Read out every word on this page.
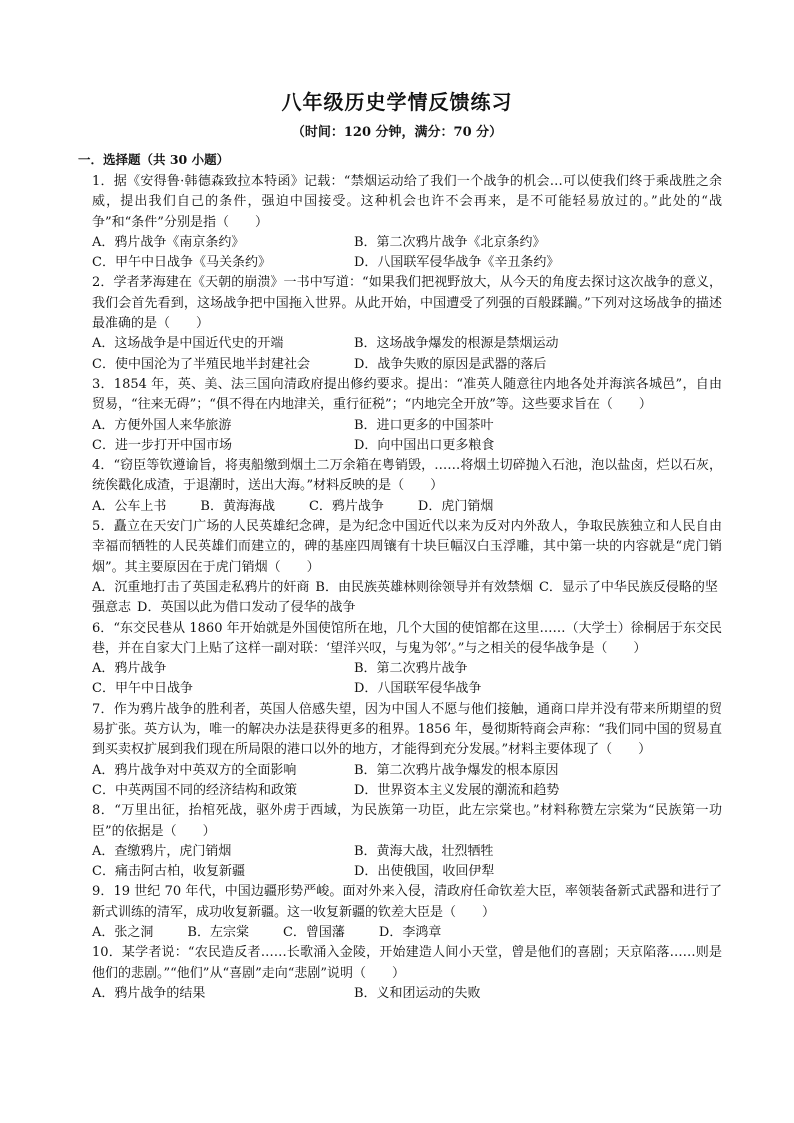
八年级历史学情反馈练习
（时间：120 分钟，满分：70 分）
一．选择题（共 30 小题）

1．据《安得鲁·韩德森致拉本特函》记载：“禁烟运动给了我们一个战争的机会…可以使我们终于乘战胜之余威，提出我们自己的条件，强迫中国接受。这种机会也许不会再来，是不可能轻易放过的。”此处的“战争”和“条件”分别是指（　　）

A．鸦片战争《南京条约》	B．第二次鸦片战争《北京条约》
C．甲午中日战争《马关条约》	D．八国联军侵华战争《辛丑条约》

2．学者茅海建在《天朝的崩溃》一书中写道：“如果我们把视野放大，从今天的角度去探讨这次战争的意义，我们会首先看到，这场战争把中国拖入世界。从此开始，中国遭受了列强的百般蹂躏。”下列对这场战争的描述最准确的是（　　）

A．这场战争是中国近代史的开端	B．这场战争爆发的根源是禁烟运动
C．使中国沦为了半殖民地半封建社会	D．战争失败的原因是武器的落后

3．1854 年，英、美、法三国向清政府提出修约要求。提出：“准英人随意往内地各处并海滨各城邑”，自由贸易，“往来无碍”；“俱不得在内地津关，重行征税”；“内地完全开放”等。这些要求旨在（　　）

A．方便外国人来华旅游	B．进口更多的中国茶叶
C．进一步打开中国市场	D．向中国出口更多粮食

4．“窃臣等钦遵谕旨，将夷船缴到烟土二万余箱在粤销毁，……将烟土切碎抛入石池，泡以盐卤，烂以石灰，统俟戳化成渣，于退潮时，送出大海。”材料反映的是（　　）

A．公车上书	B．黄海海战	C．鸦片战争	D．虎门销烟

5．矗立在天安门广场的人民英雄纪念碑，是为纪念中国近代以来为反对内外敌人，争取民族独立和人民自由幸福而牺牲的人民英雄们而建立的，碑的基座四周镶有十块巨幅汉白玉浮雕，其中第一块的内容就是“虎门销烟”。其主要原因在于虎门销烟（　　）

A．沉重地打击了英国走私鸦片的奸商 B．由民族英雄林则徐领导并有效禁烟 C．显示了中华民族反侵略的坚强意志 D．英国以此为借口发动了侵华的战争

6．“东交民巷从 1860 年开始就是外国使馆所在地，几个大国的使馆都在这里……（大学士）徐桐居于东交民巷，并在自家大门上贴了这样一副对联：‘望洋兴叹，与鬼为邻’。”与之相关的侵华战争是（　　）

A．鸦片战争	B．第二次鸦片战争
C．甲午中日战争	D．八国联军侵华战争

7．作为鸦片战争的胜利者，英国人倍感失望，因为中国人不愿与他们接触，通商口岸并没有带来所期望的贸易扩张。英方认为，唯一的解决办法是获得更多的租界。1856 年，曼彻斯特商会声称：“我们同中国的贸易直到买卖权扩展到我们现在所局限的港口以外的地方，才能得到充分发展。”材料主要体现了（　　）

A．鸦片战争对中英双方的全面影响	B．第二次鸦片战争爆发的根本原因
C．中英两国不同的经济结构和政策	D．世界资本主义发展的潮流和趋势

8．“万里出征，抬棺死战，驱外虏于西域，为民族第一功臣，此左宗棠也。”材料称赞左宗棠为“民族第一功臣”的依据是（　　）

A．查缴鸦片，虎门销烟	B．黄海大战，壮烈牺牲
C．痛击阿古柏，收复新疆	D．出使俄国，收回伊犁

9．19 世纪 70 年代，中国边疆形势严峻。面对外来入侵，清政府任命钦差大臣，率领装备新式武器和进行了新式训练的清军，成功收复新疆。这一收复新疆的钦差大臣是（　　）

A．张之洞	B．左宗棠	C．曾国藩	D．李鸿章

10．某学者说：“农民造反者……长歌涌入金陵，开始建造人间小天堂，曾是他们的喜剧；天京陷落……则是他们的悲剧。”“他们”从“喜剧”走向“悲剧”说明（　　）

A．鸦片战争的结果	B．义和团运动的失败
